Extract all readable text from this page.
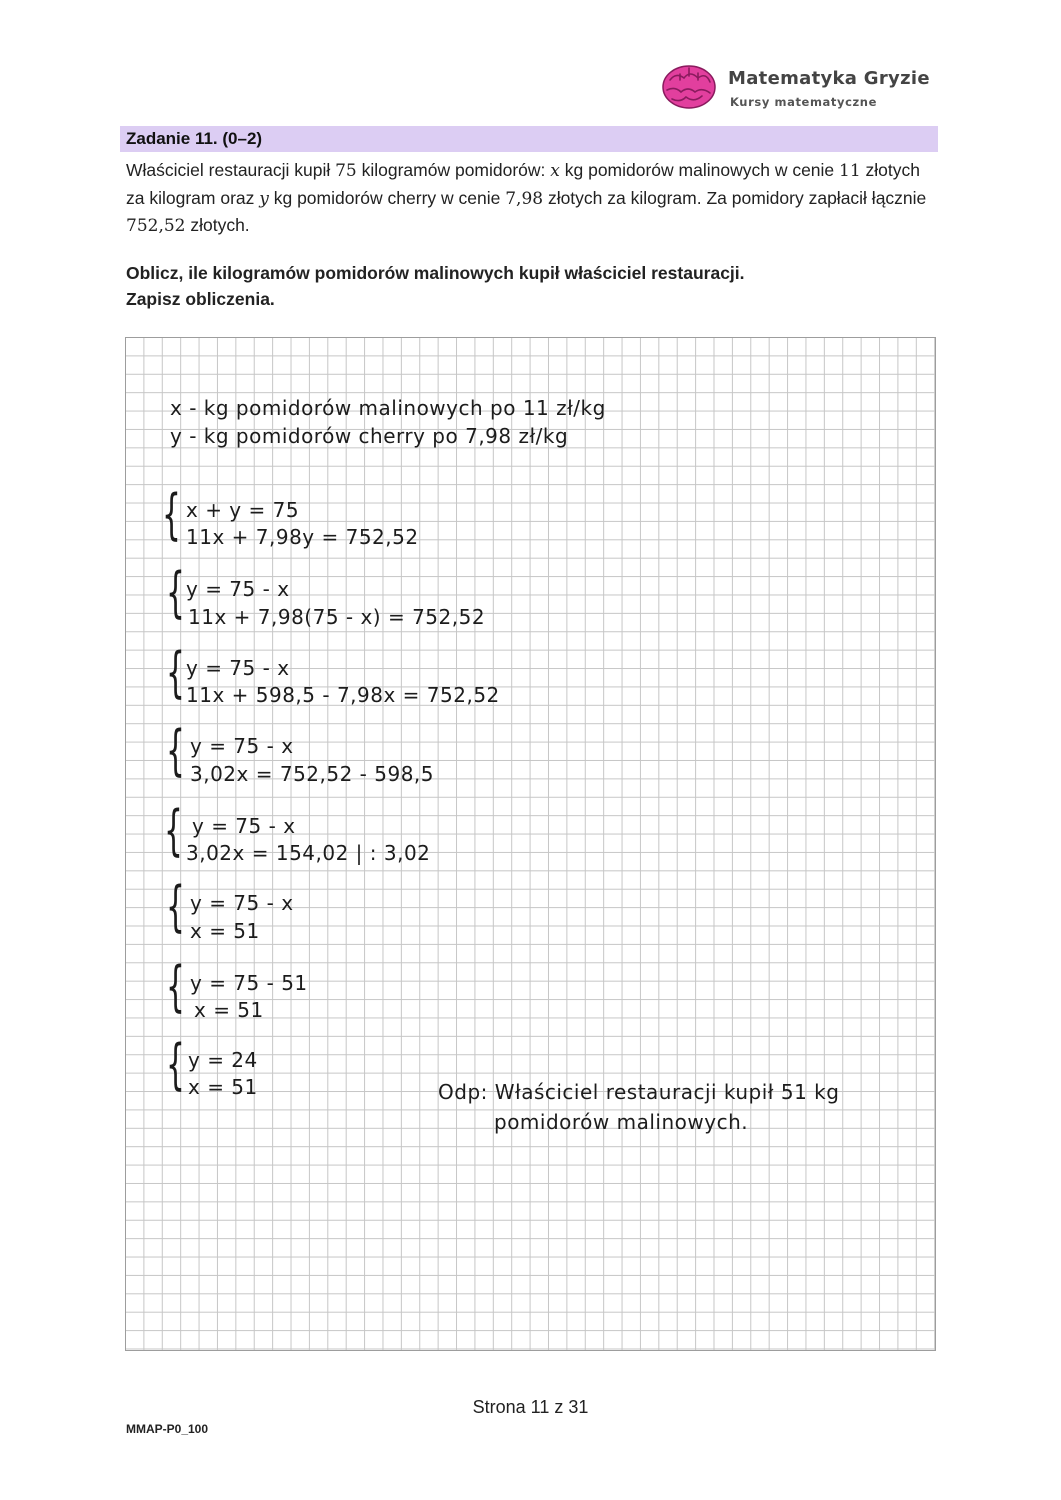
Matematyka Gryzie
Kursy matematyczne
Zadanie 11. (0–2)
Właściciel restauracji kupił 75 kilogramów pomidorów: x kg pomidorów malinowych w cenie 11 złotych za kilogram oraz y kg pomidorów cherry w cenie 7,98 złotych za kilogram. Za pomidory zapłacił łącznie 752,52 złotych.
Oblicz, ile kilogramów pomidorów malinowych kupił właściciel restauracji.
Zapisz obliczenia.
x - kg pomidorów malinowych po 11 zł/kg
y - kg pomidorów cherry po 7,98 zł/kg
{ x + y = 75
11x + 7,98y = 752,52
{ y = 75 - x
11x + 7,98(75 - x) = 752,52
{ y = 75 - x
11x + 598,5 - 7,98x = 752,52
{ y = 75 - x
3,02x = 752,52 - 598,5
{ y = 75 - x
3,02x = 154,02 | : 3,02
{ y = 75 - x
x = 51
{ y = 75 - 51
x = 51
{ y = 24
x = 51	Odp: Właściciel restauracji kupił 51 kg
pomidorów malinowych.
Strona 11 z 31
MMAP-P0_100
